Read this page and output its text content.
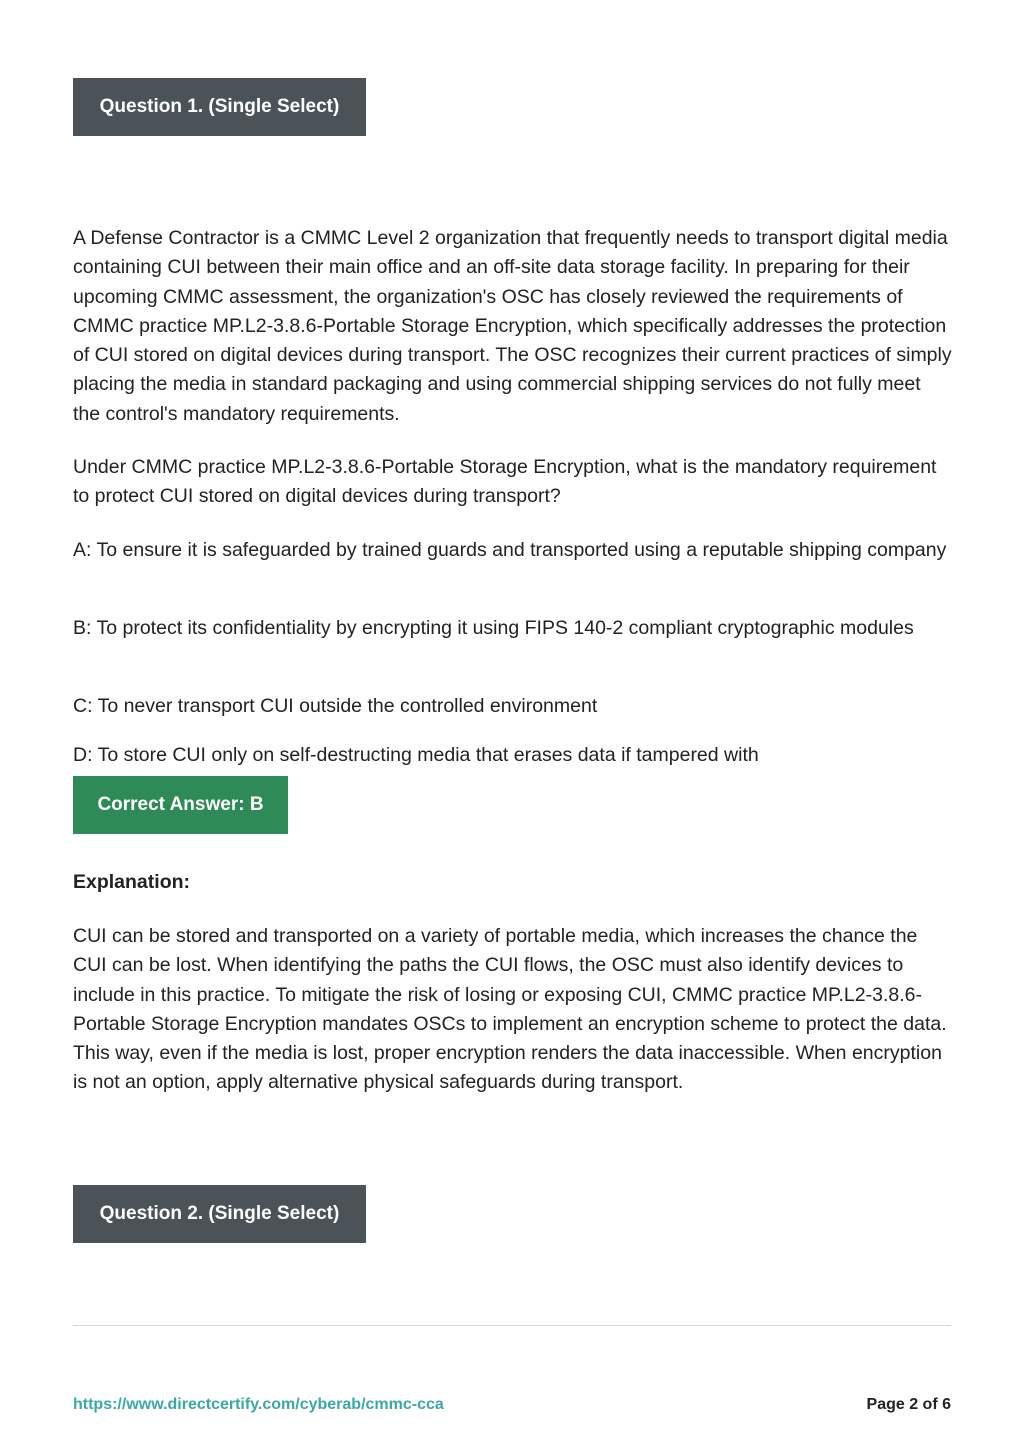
Question 1. (Single Select)

A Defense Contractor is a CMMC Level 2 organization that frequently needs to transport digital media containing CUI between their main office and an off-site data storage facility. In preparing for their upcoming CMMC assessment, the organization's OSC has closely reviewed the requirements of CMMC practice MP.L2-3.8.6-Portable Storage Encryption, which specifically addresses the protection of CUI stored on digital devices during transport. The OSC recognizes their current practices of simply placing the media in standard packaging and using commercial shipping services do not fully meet the control's mandatory requirements.

Under CMMC practice MP.L2-3.8.6-Portable Storage Encryption, what is the mandatory requirement to protect CUI stored on digital devices during transport?

A: To ensure it is safeguarded by trained guards and transported using a reputable shipping company

B: To protect its confidentiality by encrypting it using FIPS 140-2 compliant cryptographic modules

C: To never transport CUI outside the controlled environment

D: To store CUI only on self-destructing media that erases data if tampered with

Correct Answer: B
Explanation:

CUI can be stored and transported on a variety of portable media, which increases the chance the CUI can be lost. When identifying the paths the CUI flows, the OSC must also identify devices to include in this practice. To mitigate the risk of losing or exposing CUI, CMMC practice MP.L2-3.8.6-Portable Storage Encryption mandates OSCs to implement an encryption scheme to protect the data. This way, even if the media is lost, proper encryption renders the data inaccessible. When encryption is not an option, apply alternative physical safeguards during transport.

Question 2. (Single Select)
https://www.directcertify.com/cyberab/cmmc-cca	Page 2 of 6
